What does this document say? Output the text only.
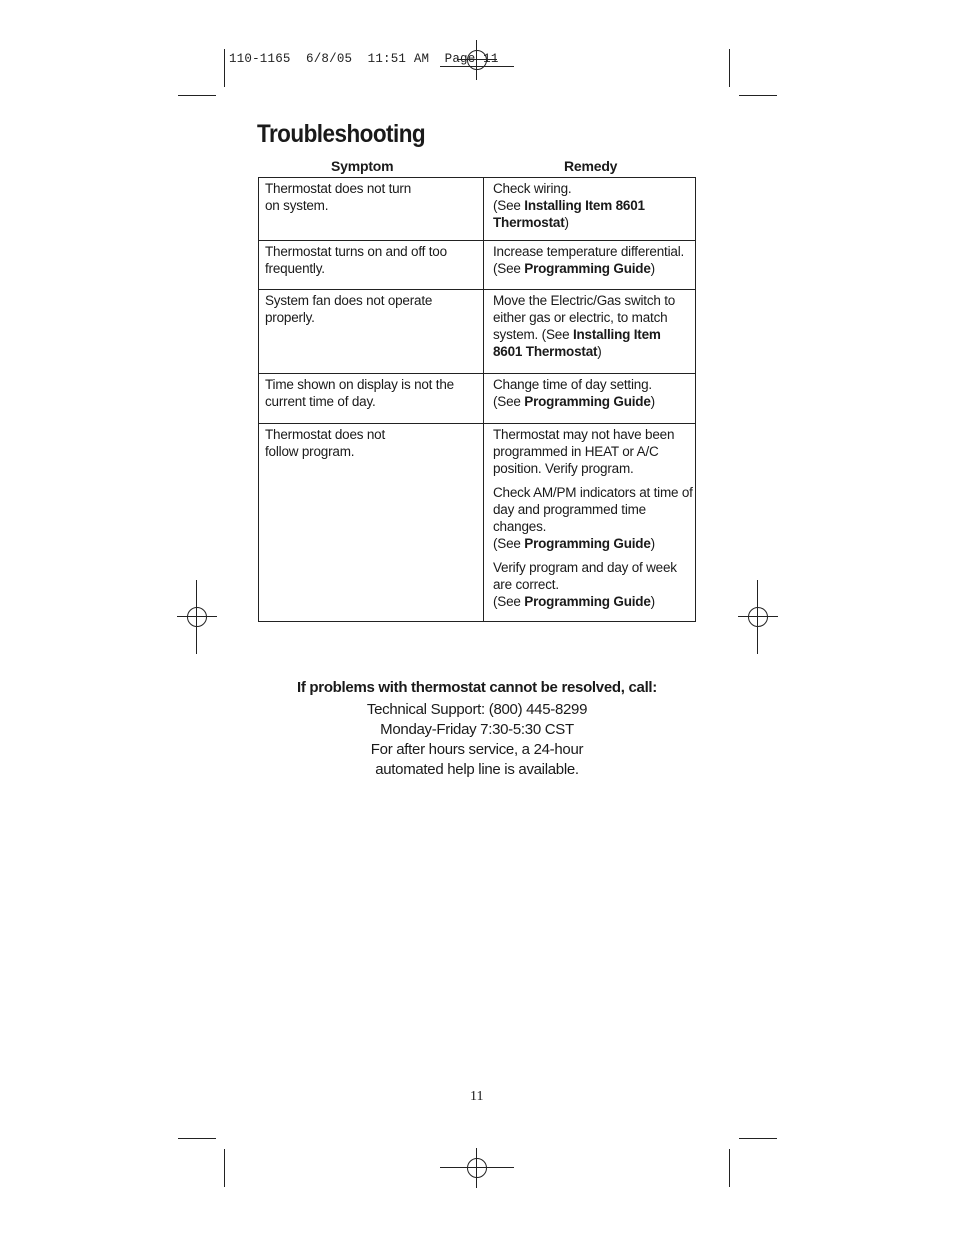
110-1165  6/8/05  11:51 AM  Page 11
Troubleshooting
Symptom	Remedy
Thermostat does not turn
on system.	Check wiring.
(See Installing Item 8601 Thermostat)

Thermostat turns on and off too frequently.	Increase temperature differential.
(See Programming Guide)

System fan does not operate properly.	Move the Electric/Gas switch to either gas or electric, to match system. (See Installing Item 8601 Thermostat)

Time shown on display is not the current time of day.	Change time of day setting.
(See Programming Guide)

Thermostat does not
follow program.	Thermostat may not have been programmed in HEAT or A/C position. Verify program.
Check AM/PM indicators at time of day and programmed time changes.
(See Programming Guide)
Verify program and day of week are correct.
(See Programming Guide)
If problems with thermostat cannot be resolved, call:
Technical Support: (800) 445-8299
Monday-Friday 7:30-5:30 CST
For after hours service, a 24-hour
automated help line is available.
11
